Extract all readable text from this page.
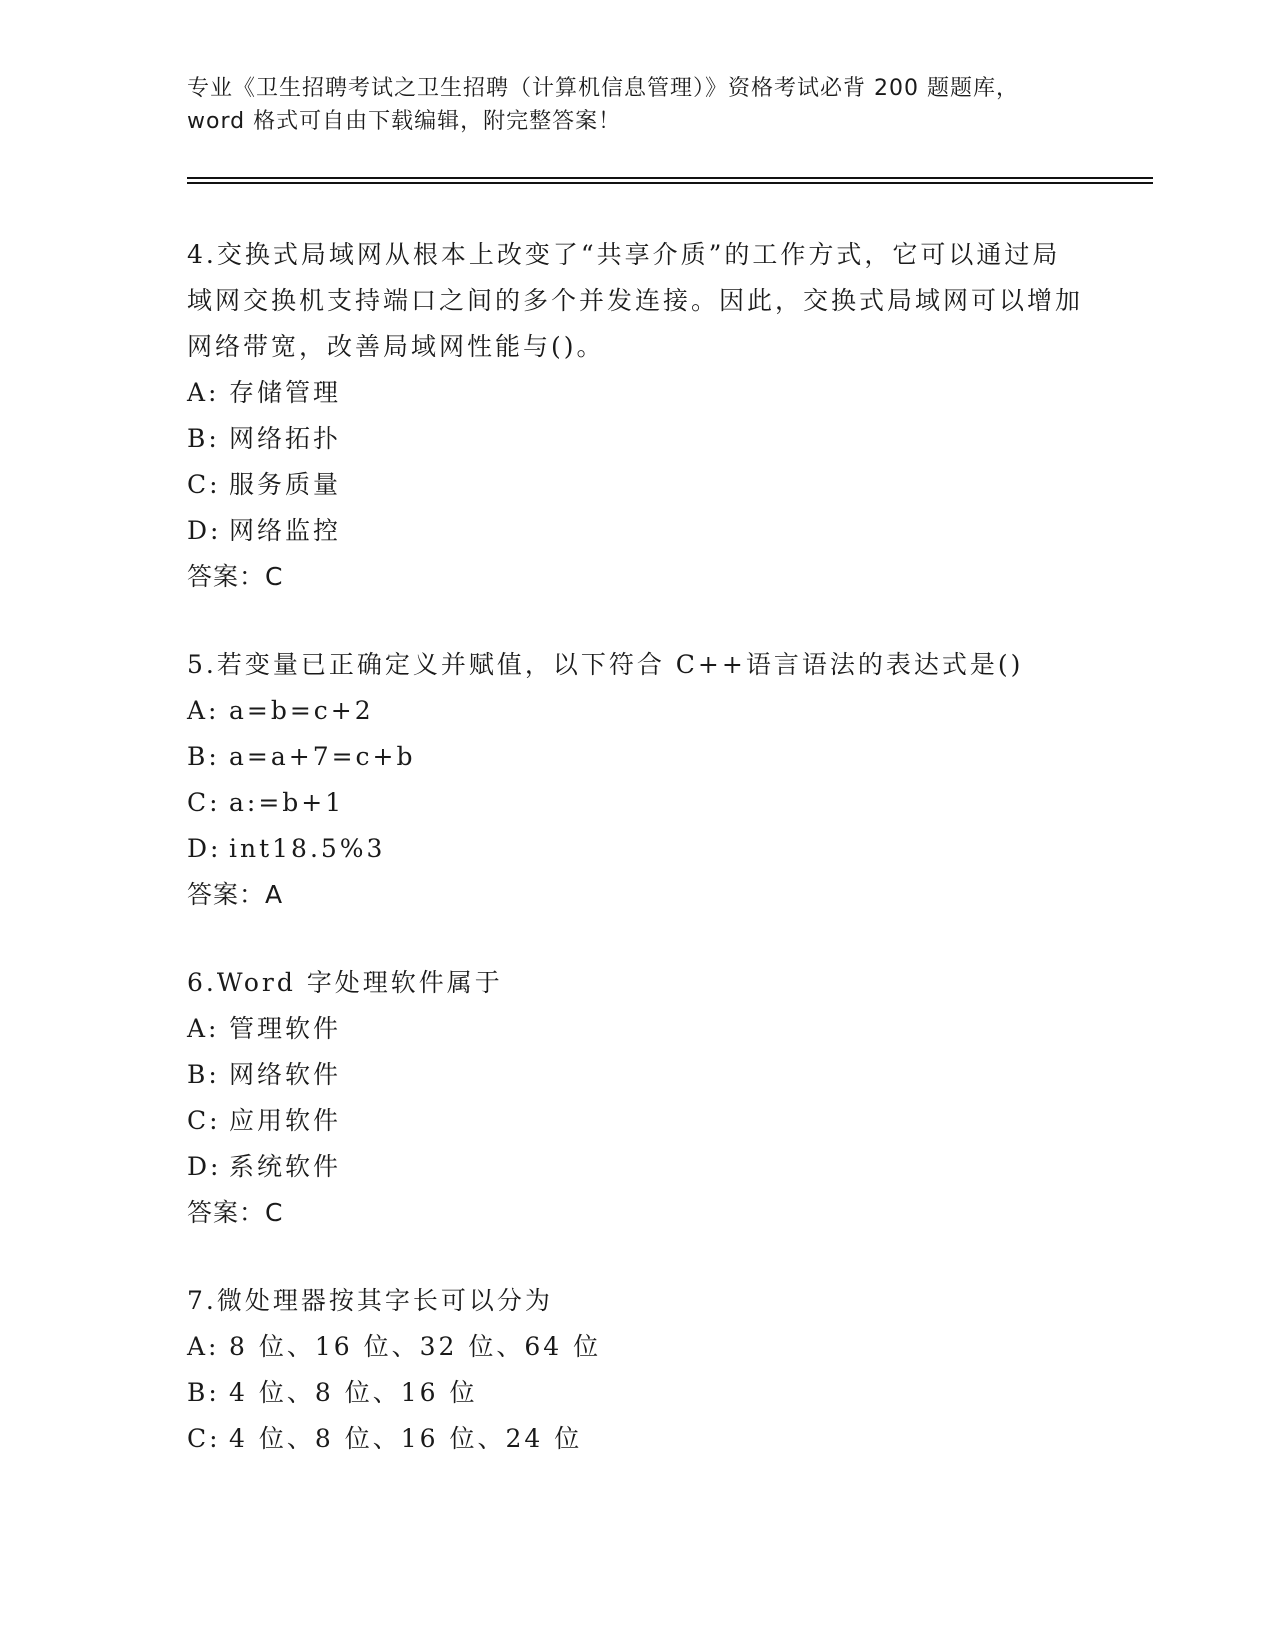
专业《卫生招聘考试之卫生招聘（计算机信息管理）》资格考试必背 200 题题库，
word 格式可自由下载编辑，附完整答案！

4.交换式局域网从根本上改变了“共享介质”的工作方式，它可以通过局域网交换机支持端口之间的多个并发连接。因此，交换式局域网可以增加网络带宽，改善局域网性能与()。

A: 存储管理
B: 网络拓扑
C: 服务质量
D: 网络监控

答案：C

5.若变量已正确定义并赋值，以下符合 C++语言语法的表达式是()

A: a=b=c+2
B: a=a+7=c+b
C: a:=b+1
D: int18.5%3

答案：A

6.Word 字处理软件属于

A: 管理软件
B: 网络软件
C: 应用软件
D: 系统软件

答案：C

7.微处理器按其字长可以分为

A: 8 位、16 位、32 位、64 位
B: 4 位、8 位、16 位
C: 4 位、8 位、16 位、24 位
